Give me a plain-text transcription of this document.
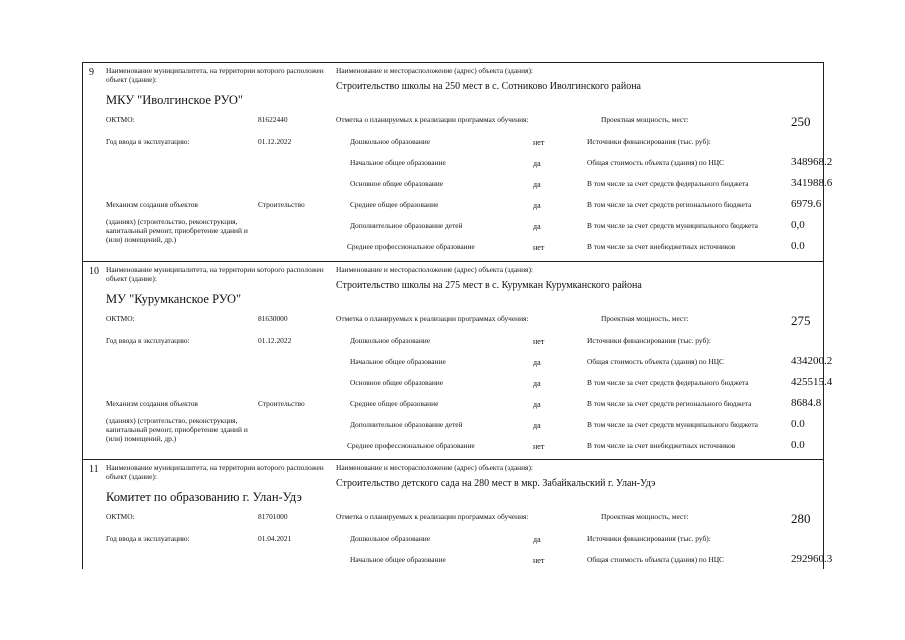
9 Наименование муниципалитета, на территории которого расположен объект (здание):
МКУ "Иволгинское РУО"
Наименование и месторасположение (адрес) объекта (здания):
Строительство школы на 250 мест в с. Сотниково Иволгинского района
ОКТМО:	81622440	Отметка о планируемых к реализации программах обучения:	Проектная мощность, мест:	250
Год ввода в эксплуатацию:	01.12.2022	Дошкольное образование	нет
Начальное общее образование	да
Основное общее образование	да
Среднее общее образование	да
Дополнительное образование детей	да
Среднее профессиональное образование	нет
Источники финансирования (тыс. руб):
Общая стоимость объекта (здания) по НЦС	348968.2
В том числе за счет средств федерального бюджета	341988.6
В том числе за счет средств регионального бюджета	6979.6
В том числе за счет средств муниципального бюджета	0,0
В том числе за счет внебюджетных источников	0.0
Механизм создания объектов	Строительство
(зданиях) (строительство, реконструкция, капитальный ремонт, приобретение зданий и (или) помещений, др.)
10 Наименование муниципалитета, на территории которого расположен объект (здание):
МУ "Курумканское РУО"
Наименование и месторасположение (адрес) объекта (здания):
Строительство школы на 275 мест в с. Курумкан Курумканского района
ОКТМО:	81630000	Отметка о планируемых к реализации программах обучения:	Проектная мощность, мест:	275
Год ввода в эксплуатацию:	01.12.2022	Дошкольное образование	нет
Начальное общее образование	да
Основное общее образование	да
Среднее общее образование	да
Дополнительное образование детей	да
Среднее профессиональное образование	нет
Источники финансирования (тыс. руб):
Общая стоимость объекта (здания) по НЦС	434200.2
В том числе за счет средств федерального бюджета	425515.4
В том числе за счет средств регионального бюджета	8684.8
В том числе за счет средств муниципального бюджета	0.0
В том числе за счет внебюджетных источников	0.0
Механизм создания объектов	Строительство
(зданиях) (строительство, реконструкция, капитальный ремонт, приобретение зданий и (или) помещений, др.)
11 Наименование муниципалитета, на территории которого расположен объект (здание):
Комитет по образованию г. Улан-Удэ
Наименование и месторасположение (адрес) объекта (здания):
Строительство детского сада на 280 мест в мкр. Забайкальский г. Улан-Удэ
ОКТМО:	81701000	Отметка о планируемых к реализации программах обучения:	Проектная мощность, мест:	280
Год ввода в эксплуатацию:	01.04.2021	Дошкольное образование	да
Начальное общее образование	нет
Источники финансирования (тыс. руб):
Общая стоимость объекта (здания) по НЦС	292960.3
